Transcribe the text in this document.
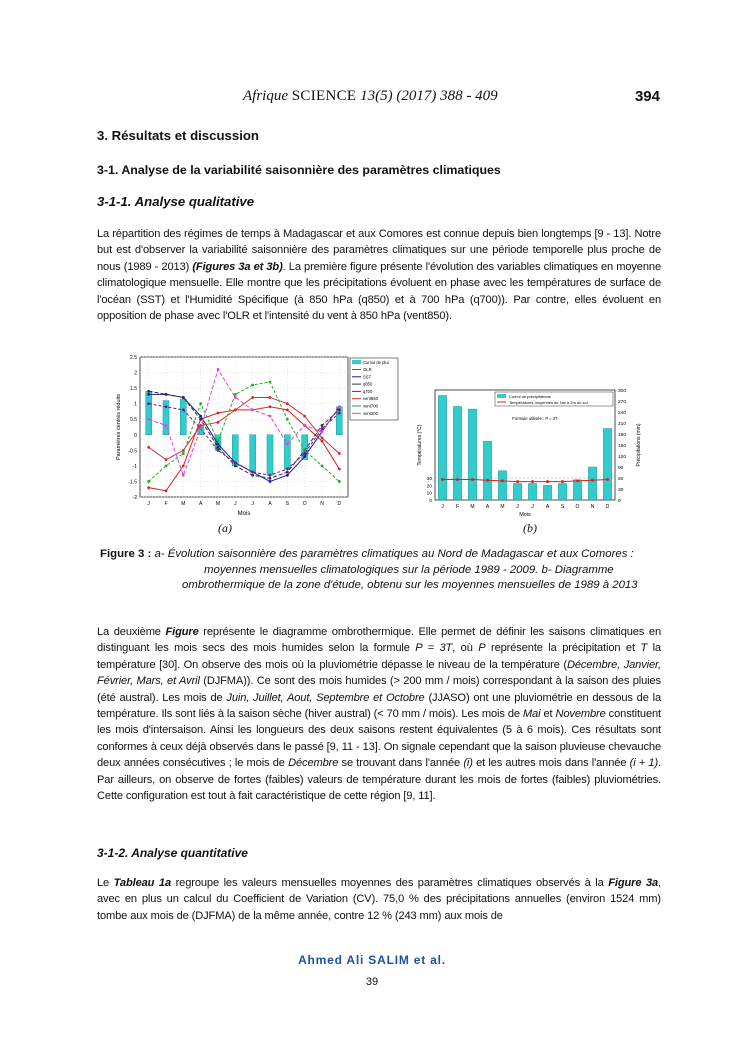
Afrique SCIENCE 13(5) (2017) 388 - 409	394
3. Résultats et discussion
3-1. Analyse de la variabilité saisonnière des paramètres climatiques
3-1-1. Analyse qualitative

La répartition des régimes de temps à Madagascar et aux Comores est connue depuis bien longtemps [9 - 13]. Notre but est d'observer la variabilité saisonnière des paramètres climatiques sur une période temporelle plus proche de nous (1989 - 2013) (Figures 3a et 3b). La première figure présente l'évolution des variables climatiques en moyenne climatologique mensuelle. Elle montre que les précipitations évoluent en phase avec les températures de surface de l'océan (SST) et l'Humidité Spécifique (à 850 hPa (q850) et à 700 hPa (q700)). Par contre, elles évoluent en opposition de phase avec l'OLR et l'intensité du vent à 850 hPa (vent850).

2.5
2
1.5
1
0.5
0
-0.5
-1
-1.5
-2
J	F	M	A	M	J	J	A	S	O	N	D
Mois
Paramètres centrés réduits
Cumul de plui
OLR
SST
q850
q700
vent850
vent700
vent200
300
270
240
210
180
150
120
90
60
30
0
30
20
10
0
J F M A M J	J A S O N D
Mois
Températures (°C)	Précipitations (mm)
Formule utilisée : P = 2T
Cumul de précipitations
Températures moyennes de l'air à 2m du sol
(a)	(b)
Figure 3 : a- Évolution saisonnière des paramètres climatiques au Nord de Madagascar et aux Comores :
moyennes mensuelles climatologiques sur la période 1989 - 2009. b- Diagramme
ombrothermique de la zone d'étude, obtenu sur les moyennes mensuelles de 1989 à 2013

La deuxième Figure représente le diagramme ombrothermique. Elle permet de définir les saisons climatiques en distinguant les mois secs des mois humides selon la formule P = 3T, où P représente la précipitation et T la température [30]. On observe des mois où la pluviométrie dépasse le niveau de la température (Décembre, Janvier, Février, Mars, et Avril (DJFMA)). Ce sont des mois humides (> 200 mm / mois) correspondant à la saison des pluies (été austral). Les mois de Juin, Juillet, Aout, Septembre et Octobre (JJASO) ont une pluviométrie en dessous de la température. Ils sont liés à la saison sèche (hiver austral) (< 70 mm / mois). Les mois de Mai et Novembre constituent les mois d'intersaison. Ainsi les longueurs des deux saisons restent équivalentes (5 à 6 mois). Ces résultats sont conformes à ceux déjà observés dans le passé [9, 11 - 13]. On signale cependant que la saison pluvieuse chevauche deux années consécutives ; le mois de Décembre se trouvant dans l'année (i) et les autres mois dans l'année (i + 1). Par ailleurs, on observe de fortes (faibles) valeurs de température durant les mois de fortes (faibles) pluviométries. Cette configuration est tout à fait caractéristique de cette région [9, 11].

3-1-2. Analyse quantitative

Le Tableau 1a regroupe les valeurs mensuelles moyennes des paramètres climatiques observés à la Figure 3a, avec en plus un calcul du Coefficient de Variation (CV). 75,0 % des précipitations annuelles (environ 1524 mm) tombe aux mois de (DJFMA) de la même année, contre 12 % (243 mm) aux mois de

Ahmed Ali SALIM et al.
39
